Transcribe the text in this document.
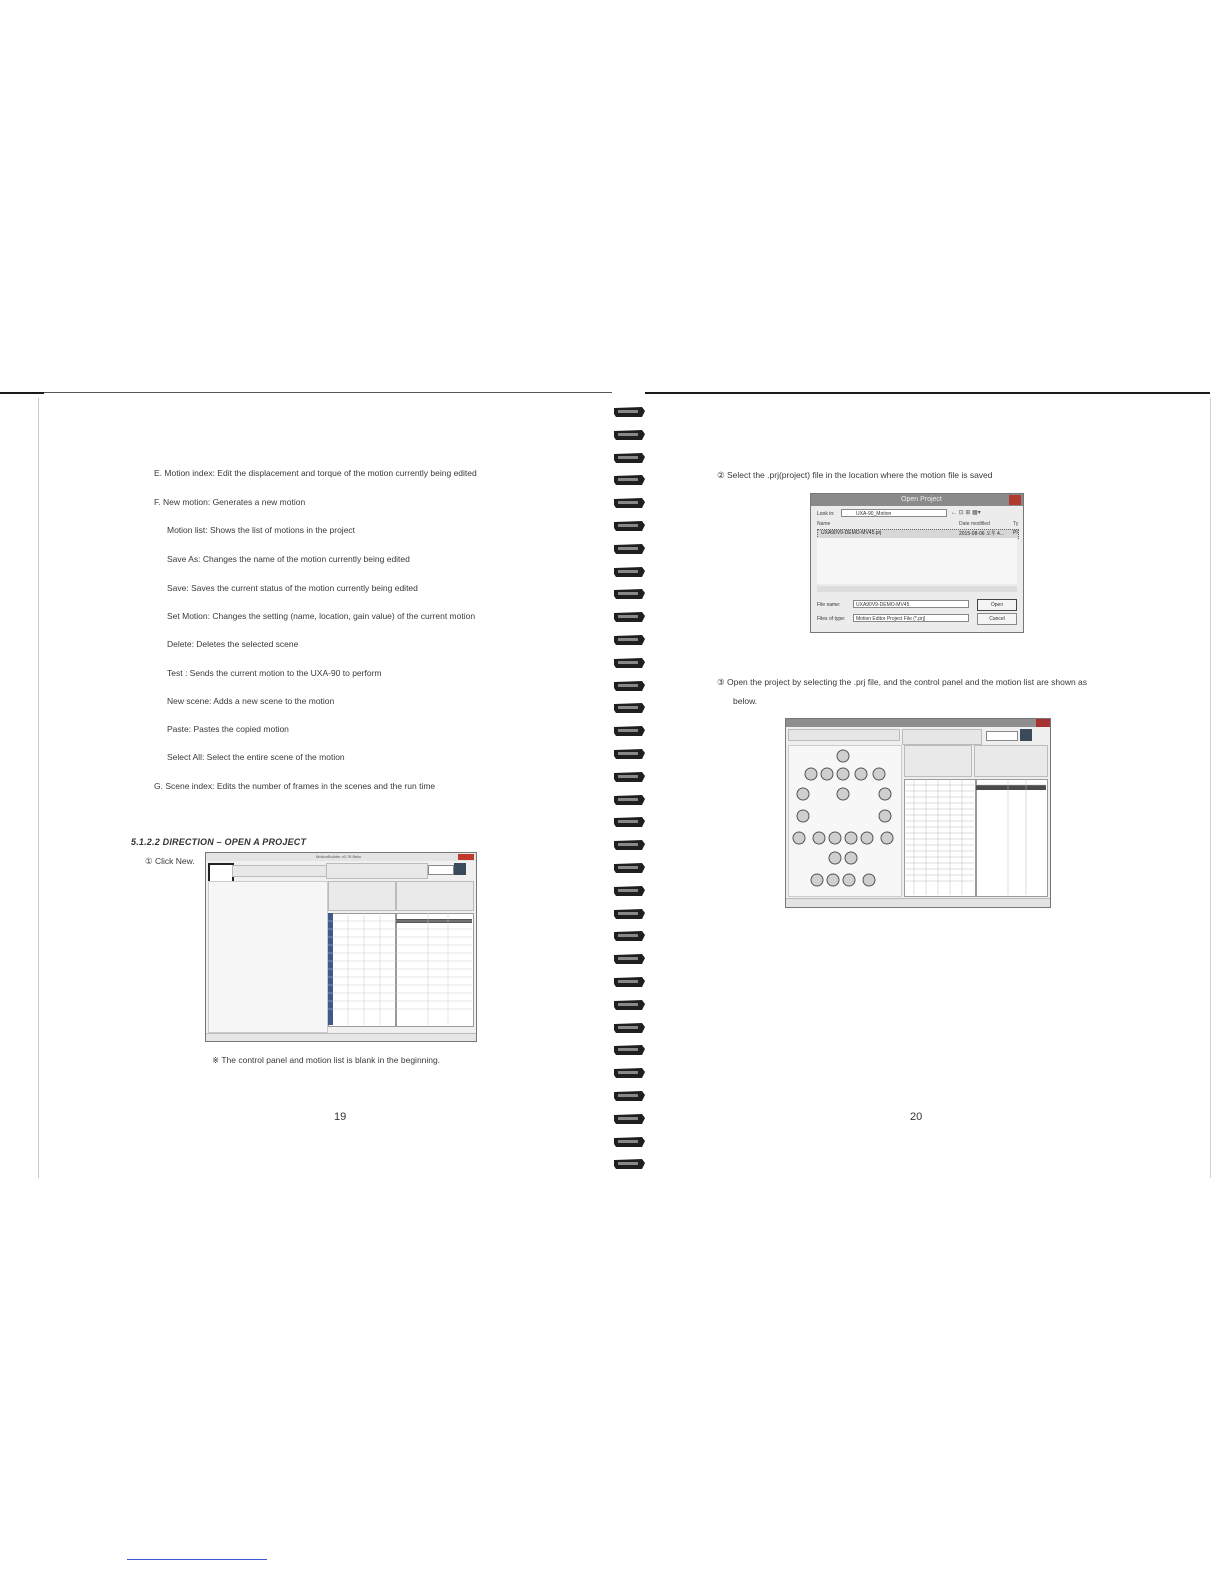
E. Motion index: Edit the displacement and torque of the motion currently being edited
F. New motion: Generates a new motion
Motion list: Shows the list of motions in the project
Save As: Changes the name of the motion currently being edited
Save: Saves the current status of the motion currently being edited
Set Motion: Changes the setting (name, location, gain value) of the current motion
Delete: Deletes the selected scene
Test : Sends the current motion to the UXA-90 to perform
New scene: Adds a new scene to the motion
Paste: Pastes the copied motion
Select All: Select the entire scene of the motion
G. Scene index: Edits the number of frames in the scenes and the run time
5.1.2.2 DIRECTION – OPEN A PROJECT
① Click New.	MotionBuilder v0.78 Beta
※ The control panel and motion list is blank in the beginning.
19
② Select the .prj(project) file in the location where the motion file is saved
Open Project
Look in:	UXA-90_Motion	← ⊡ ⊞ ▦▾
Name	Date modified	Ty
UXA90V9-DEMO-MV45.prj	2015-08-06 오후 4... PI
File name:	UXA90V9-DEMO-MV45	Open
Files of type:	Motion Editor Project File (*.prj)	Cancel
③ Open the project by selecting the .prj file, and the control panel and the motion list are shown as
below.
20
